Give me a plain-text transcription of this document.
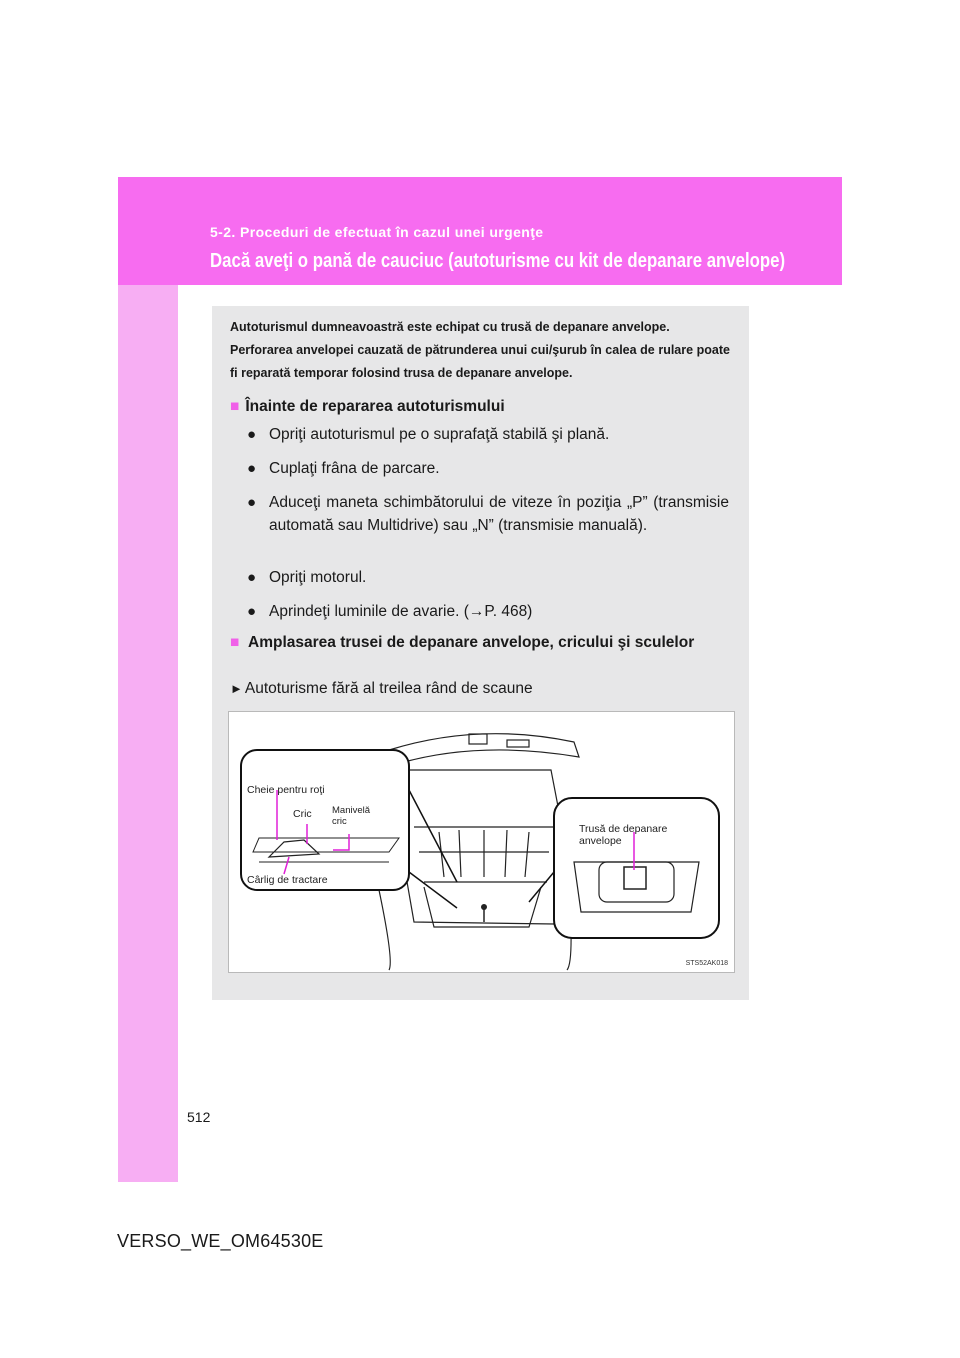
5-2. Proceduri de efectuat în cazul unei urgenţe
Dacă aveţi o pană de cauciuc (autoturisme cu kit de depanare anvelope)

Autoturismul dumneavoastră este echipat cu trusă de depanare anvelope.

Perforarea anvelopei cauzată de pătrunderea unui cui/şurub în calea de rulare poate fi reparată temporar folosind trusa de depanare anvelope.

■ Înainte de repararea autoturismului
● Opriţi autoturismul pe o suprafaţă stabilă şi plană.
● Cuplaţi frâna de parcare.
● Aduceţi maneta schimbătorului de viteze în poziţia „P” (transmisie automată sau Multidrive) sau „N” (transmisie manuală).
● Opriţi motorul.
● Aprindeţi luminile de avarie. (→P. 468)
■ Amplasarea trusei de depanare anvelope, cricului şi sculelor
► Autoturisme fără al treilea rând de scaune
Cheie pentru roţi
Cric Manivelă cric
Cârlig de tractare
Trusă de depanare anvelope
STS52AK018
512
VERSO_WE_OM64530E
